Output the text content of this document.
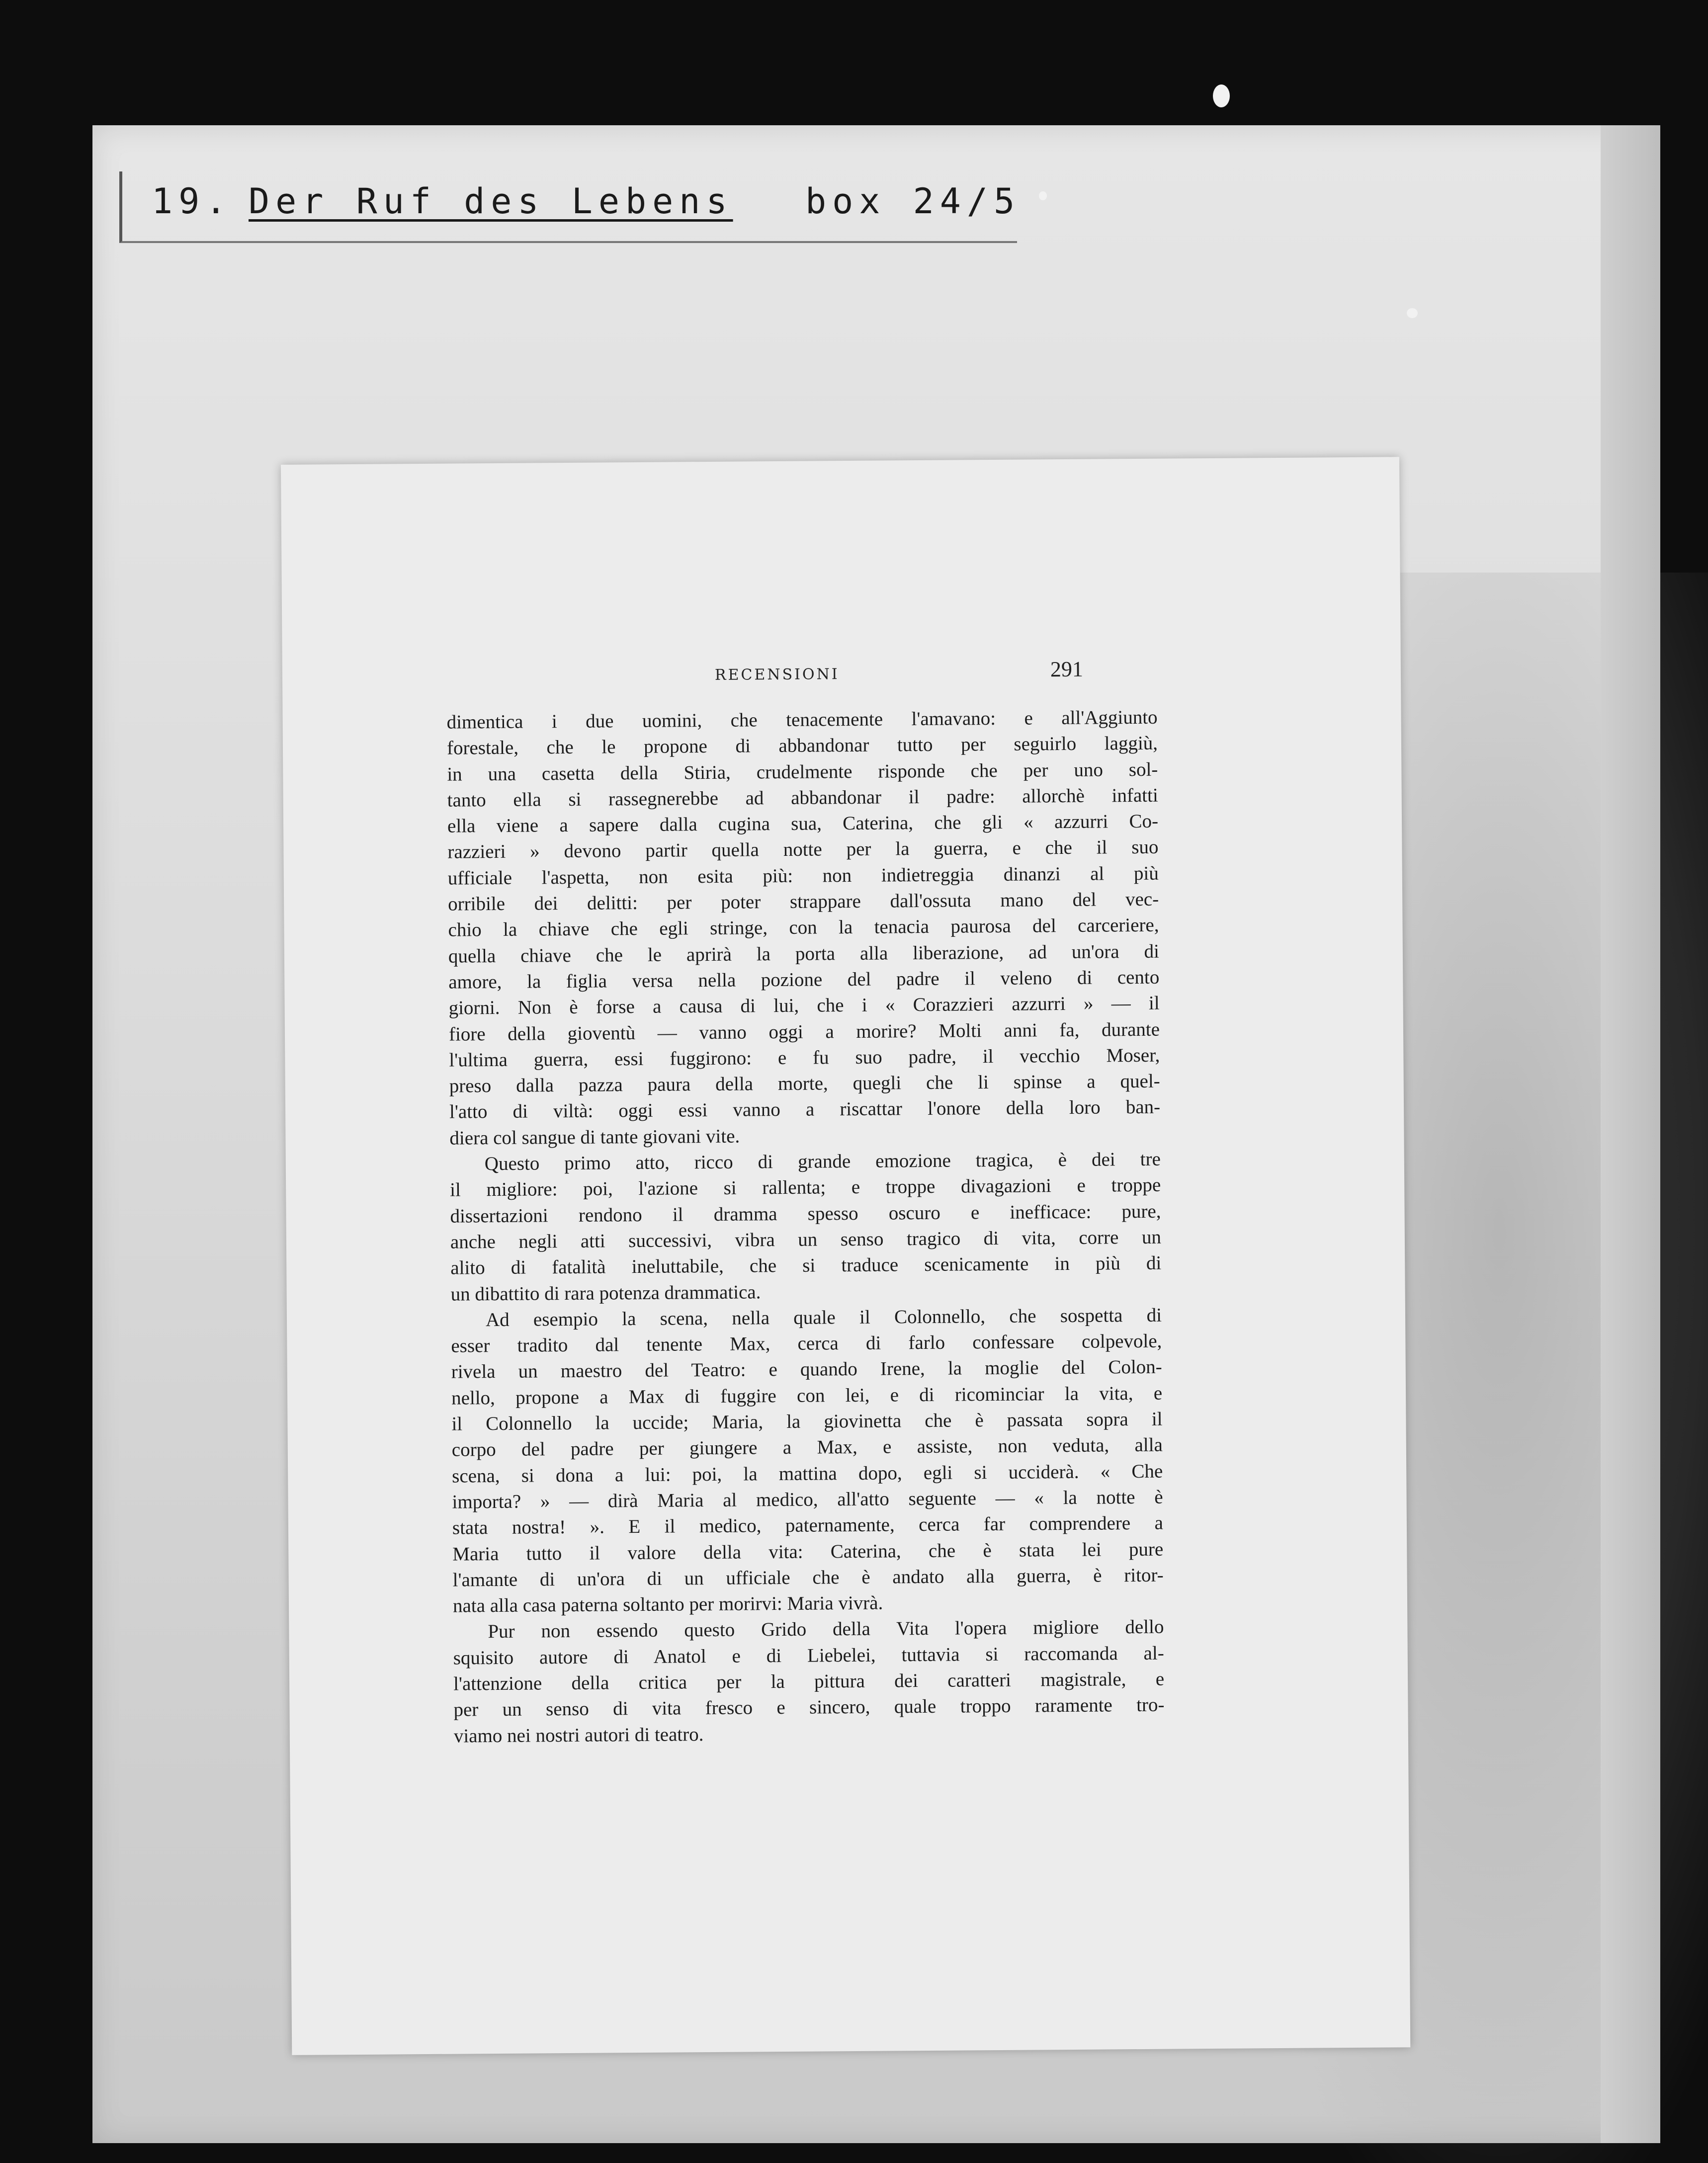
19. Der Ruf des Lebens box 24/5
RECENSIONI	291
dimentica i due uomini, che tenacemente l'amavano: e all'Aggiunto
forestale, che le propone di abbandonar tutto per seguirlo laggiù,
in una casetta della Stiria, crudelmente risponde che per uno sol-
tanto ella si rassegnerebbe ad abbandonar il padre: allorchè infatti
ella viene a sapere dalla cugina sua, Caterina, che gli « azzurri Co-
razzieri » devono partir quella notte per la guerra, e che il suo
ufficiale l'aspetta, non esita più: non indietreggia dinanzi al più
orribile dei delitti: per poter strappare dall'ossuta mano del vec-
chio la chiave che egli stringe, con la tenacia paurosa del carceriere,
quella chiave che le aprirà la porta alla liberazione, ad un'ora di
amore, la figlia versa nella pozione del padre il veleno di cento
giorni. Non è forse a causa di lui, che i « Corazzieri azzurri » — il
fiore della gioventù — vanno oggi a morire? Molti anni fa, durante
l'ultima guerra, essi fuggirono: e fu suo padre, il vecchio Moser,
preso dalla pazza paura della morte, quegli che li spinse a quel-
l'atto di viltà: oggi essi vanno a riscattar l'onore della loro ban-
diera col sangue di tante giovani vite.
Questo primo atto, ricco di grande emozione tragica, è dei tre
il migliore: poi, l'azione si rallenta; e troppe divagazioni e troppe
dissertazioni rendono il dramma spesso oscuro e inefficace: pure,
anche negli atti successivi, vibra un senso tragico di vita, corre un
alito di fatalità ineluttabile, che si traduce scenicamente in più di
un dibattito di rara potenza drammatica.
Ad esempio la scena, nella quale il Colonnello, che sospetta di
esser tradito dal tenente Max, cerca di farlo confessare colpevole,
rivela un maestro del Teatro: e quando Irene, la moglie del Colon-
nello, propone a Max di fuggire con lei, e di ricominciar la vita, e
il Colonnello la uccide; Maria, la giovinetta che è passata sopra il
corpo del padre per giungere a Max, e assiste, non veduta, alla
scena, si dona a lui: poi, la mattina dopo, egli si ucciderà. « Che
importa? » — dirà Maria al medico, all'atto seguente — « la notte è
stata nostra! ». E il medico, paternamente, cerca far comprendere a
Maria tutto il valore della vita: Caterina, che è stata lei pure
l'amante di un'ora di un ufficiale che è andato alla guerra, è ritor-
nata alla casa paterna soltanto per morirvi: Maria vivrà.
Pur non essendo questo Grido della Vita l'opera migliore dello
squisito autore di Anatol e di Liebelei, tuttavia si raccomanda al-
l'attenzione della critica per la pittura dei caratteri magistrale, e
per un senso di vita fresco e sincero, quale troppo raramente tro-
viamo nei nostri autori di teatro.
